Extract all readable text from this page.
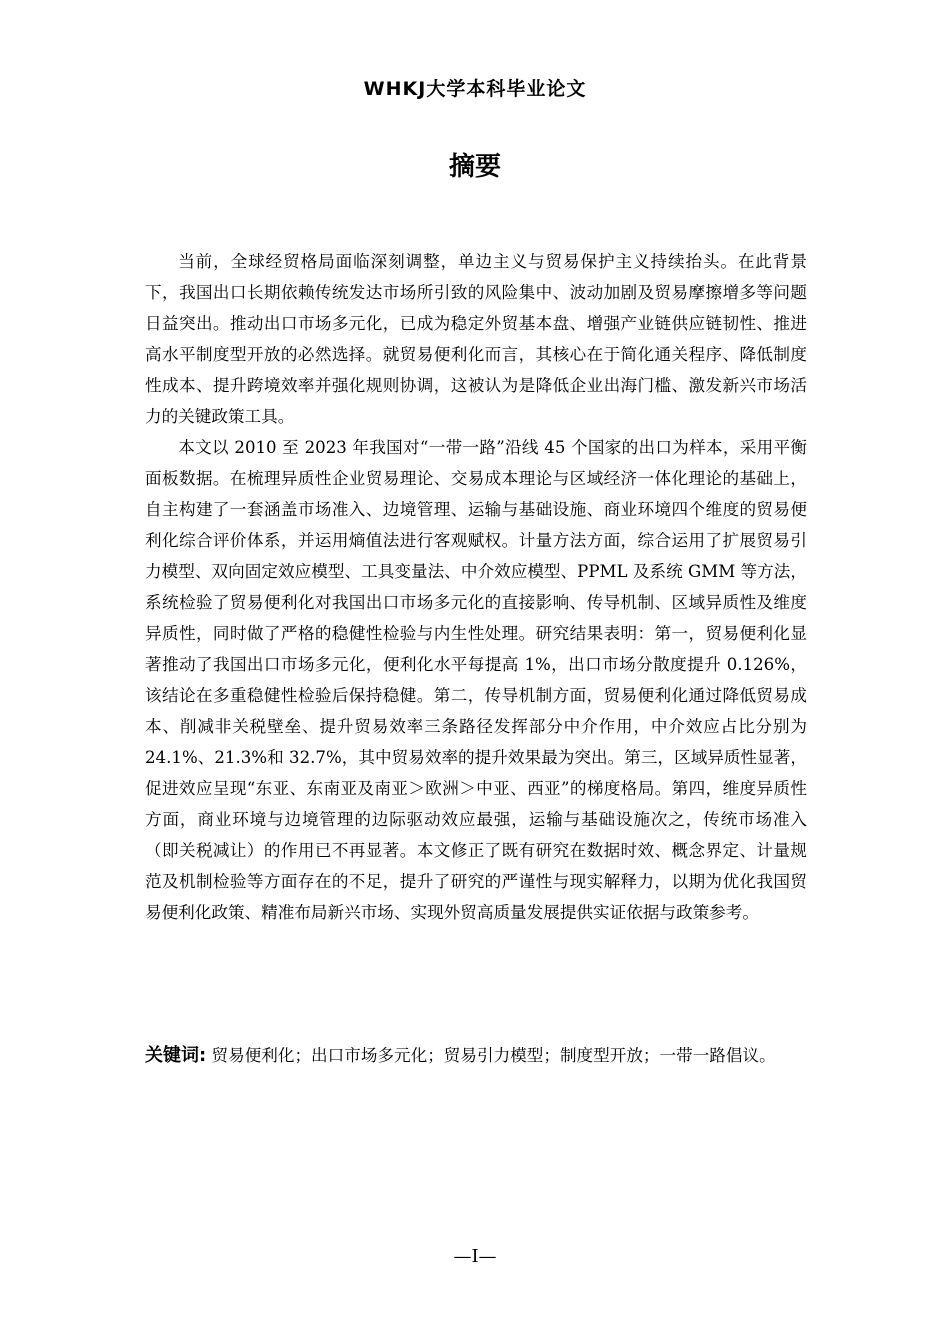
WHKJ大学本科毕业论文
摘要

当前，全球经贸格局面临深刻调整，单边主义与贸易保护主义持续抬头。在此背景下，我国出口长期依赖传统发达市场所引致的风险集中、波动加剧及贸易摩擦增多等问题日益突出。推动出口市场多元化，已成为稳定外贸基本盘、增强产业链供应链韧性、推进高水平制度型开放的必然选择。就贸易便利化而言，其核心在于简化通关程序、降低制度性成本、提升跨境效率并强化规则协调，这被认为是降低企业出海门槛、激发新兴市场活力的关键政策工具。

本文以 2010 至 2023 年我国对“一带一路”沿线 45 个国家的出口为样本，采用平衡面板数据。在梳理异质性企业贸易理论、交易成本理论与区域经济一体化理论的基础上，自主构建了一套涵盖市场准入、边境管理、运输与基础设施、商业环境四个维度的贸易便利化综合评价体系，并运用熵值法进行客观赋权。计量方法方面，综合运用了扩展贸易引力模型、双向固定效应模型、工具变量法、中介效应模型、PPML 及系统 GMM 等方法，系统检验了贸易便利化对我国出口市场多元化的直接影响、传导机制、区域异质性及维度异质性，同时做了严格的稳健性检验与内生性处理。研究结果表明：第一，贸易便利化显著推动了我国出口市场多元化，便利化水平每提高 1%，出口市场分散度提升 0.126%，该结论在多重稳健性检验后保持稳健。第二，传导机制方面，贸易便利化通过降低贸易成本、削减非关税壁垒、提升贸易效率三条路径发挥部分中介作用，中介效应占比分别为 24.1%、21.3%和 32.7%，其中贸易效率的提升效果最为突出。第三，区域异质性显著，促进效应呈现“东亚、东南亚及南亚＞欧洲＞中亚、西亚”的梯度格局。第四，维度异质性方面，商业环境与边境管理的边际驱动效应最强，运输与基础设施次之，传统市场准入（即关税减让）的作用已不再显著。本文修正了既有研究在数据时效、概念界定、计量规范及机制检验等方面存在的不足，提升了研究的严谨性与现实解释力，以期为优化我国贸易便利化政策、精准布局新兴市场、实现外贸高质量发展提供实证依据与政策参考。

关键词: 贸易便利化；出口市场多元化；贸易引力模型；制度型开放；一带一路倡议。
—I—
